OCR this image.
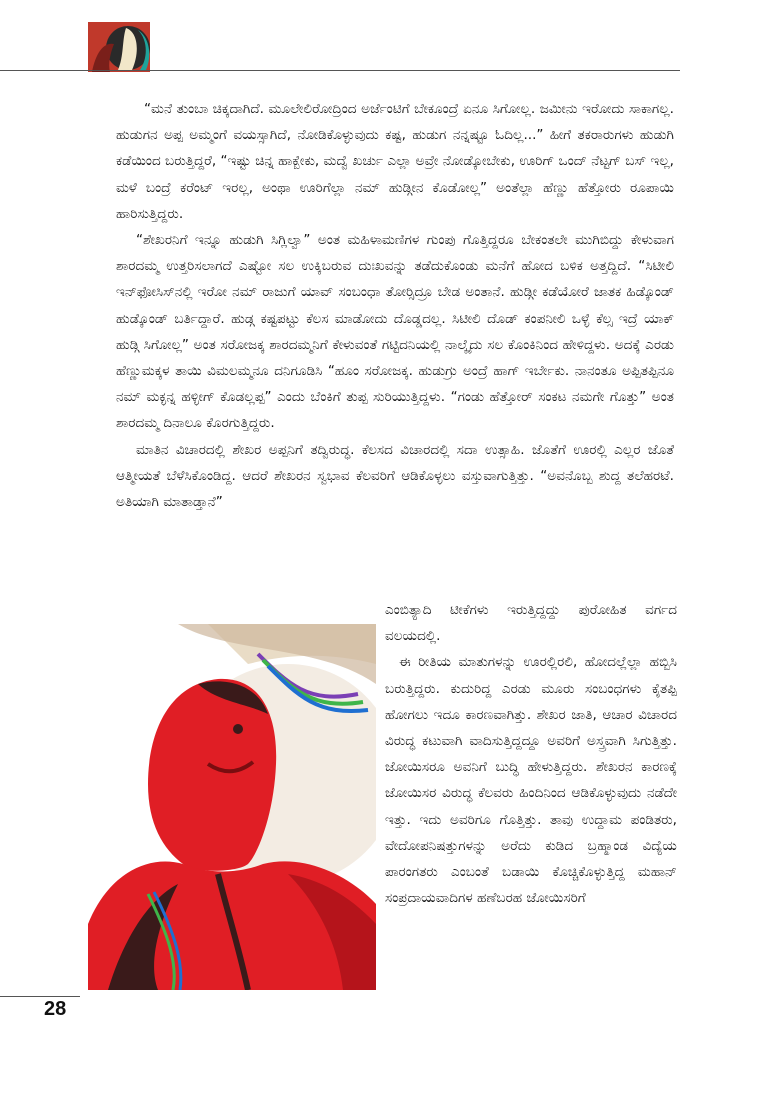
“ಮನೆ ತುಂಬಾ ಚಿಕ್ಕದಾಗಿದೆ. ಮೂಲೇಲಿರೋದ್ರಿಂದ ಅರ್ಜೆಂಟಿಗೆ ಬೇಕೂಂದ್ರೆ ಏನೂ ಸಿಗೋಲ್ಲ. ಜಮೀನು ಇರೋದು ಸಾಕಾಗಲ್ಲ. ಹುಡುಗನ ಅಪ್ಪ ಅಮ್ಮಂಗೆ ವಯಸ್ಸಾಗಿದೆ, ನೋಡಿಕೊಳ್ಳುವುದು ಕಷ್ಟ, ಹುಡುಗ ನನ್ನಷ್ಟೂ ಓದಿಲ್ಲ...” ಹೀಗೆ ತಕರಾರುಗಳು ಹುಡುಗಿ ಕಡೆಯಿಂದ ಬರುತ್ತಿದ್ದರೆ, “ಇಷ್ಟು ಚಿನ್ನ ಹಾಕ್ಬೇಕು, ಮದ್ವೆ ಖರ್ಚು ಎಲ್ಲಾ ಅವ್ರೇ ನೋಡ್ಕೋಬೇಕು, ಊರಿಗ್ ಒಂದ್ ನೆಟ್ಟಗ್ ಬಸ್ ಇಲ್ಲ, ಮಳೆ ಬಂದ್ರೆ ಕರೆಂಟ್ ಇರಲ್ಲ, ಅಂಥಾ ಊರಿಗೆಲ್ಲಾ ನಮ್ ಹುಡ್ಗೀನ ಕೊಡೋಲ್ಲ” ಅಂತೆಲ್ಲಾ ಹೆಣ್ಣು ಹೆತ್ತೋರು ರೂಪಾಯಿ ಹಾರಿಸುತ್ತಿದ್ದರು.

“ಶೇಖರನಿಗೆ ಇನ್ನೂ ಹುಡುಗಿ ಸಿಗ್ಲಿಲ್ವಾ” ಅಂತ ಮಹಿಳಾಮಣಿಗಳ ಗುಂಪು ಗೊತ್ತಿದ್ದರೂ ಬೇಕಂತಲೇ ಮುಗಿಬಿದ್ದು ಕೇಳುವಾಗ ಶಾರದಮ್ಮ ಉತ್ತರಿಸಲಾಗದೆ ಎಷ್ಟೋ ಸಲ ಉಕ್ಕಿಬರುವ ದುಃಖವನ್ನು ತಡೆದುಕೊಂಡು ಮನೆಗೆ ಹೋದ ಬಳಿಕ ಅತ್ತದ್ದಿದೆ. “ಸಿಟೀಲಿ ಇನ್‌ಫೋಸಿಸ್‌ನಲ್ಲಿ ಇರೋ ನಮ್ ರಾಜುಗೆ ಯಾವ್ ಸಂಬಂಧಾ ತೋರ್‍ಸಿದ್ರೂ ಬೇಡ ಅಂತಾನೆ. ಹುಡ್ಗೀ ಕಡೆಯೋರೆ ಜಾತಕ ಹಿಡ್ಕೊಂಡ್ ಹುಡ್ಕೊಂಡ್ ಬರ್ತಿದ್ದಾರೆ. ಹುಡ್ಗ ಕಷ್ಟಪಟ್ಟು ಕೆಲಸ ಮಾಡೋದು ದೊಡ್ಡದಲ್ಲ. ಸಿಟೀಲಿ ದೊಡ್ ಕಂಪನೀಲಿ ಒಳ್ಳೆ ಕೆಲ್ಸ ಇದ್ರೆ ಯಾಕ್ ಹುಡ್ಗಿ ಸಿಗೋಲ್ಲ” ಅಂತ ಸರೋಜಕ್ಕ ಶಾರದಮ್ಮನಿಗೆ ಕೇಳುವಂತೆ ಗಟ್ಟಿದನಿಯಲ್ಲಿ ನಾಲ್ಕೈದು ಸಲ ಕೊಂಕಿನಿಂದ ಹೇಳಿದ್ದಳು. ಅದಕ್ಕೆ ಎರಡು ಹೆಣ್ಣುಮಕ್ಕಳ ತಾಯಿ ವಿಮಲಮ್ಮನೂ ದನಿಗೂಡಿಸಿ “ಹೂಂ ಸರೋಜಕ್ಕ. ಹುಡುಗ್ರು ಅಂದ್ರೆ ಹಾಗ್ ಇರ್ಬೇಕು. ನಾನಂತೂ ಅಪ್ಪಿತಪ್ಪಿನೂ ನಮ್ ಮಕ್ಳನ್ನ ಹಳ್ಳೀಗ್ ಕೊಡಲ್ಲಪ್ಪ” ಎಂದು ಬೆಂಕಿಗೆ ತುಪ್ಪ ಸುರಿಯುತ್ತಿದ್ದಳು. “ಗಂಡು ಹೆತ್ತೋರ್ ಸಂಕಟ ನಮಗೇ ಗೊತ್ತು” ಅಂತ ಶಾರದಮ್ಮ ದಿನಾಲೂ ಕೊರಗುತ್ತಿದ್ದರು.

ಮಾತಿನ ವಿಚಾರದಲ್ಲಿ ಶೇಖರ ಅಪ್ಪನಿಗೆ ತದ್ವಿರುದ್ಧ. ಕೆಲಸದ ವಿಚಾರದಲ್ಲಿ ಸದಾ ಉತ್ಸಾಹಿ. ಜೊತೆಗೆ ಊರಲ್ಲಿ ಎಲ್ಲರ ಜೊತೆ ಆತ್ಮೀಯತೆ ಬೆಳೆಸಿಕೊಂಡಿದ್ದ. ಆದರೆ ಶೇಖರನ ಸ್ವಭಾವ ಕೆಲವರಿಗೆ ಆಡಿಕೊಳ್ಳಲು ವಸ್ತುವಾಗುತ್ತಿತ್ತು. “ಅವನೊಬ್ಬ ಶುದ್ದ ತಲೆಹರಟೆ. ಅತಿಯಾಗಿ ಮಾತಾಡ್ತಾನೆ”

ಎಂಬಿತ್ಯಾದಿ ಟೀಕೆಗಳು ಇರುತ್ತಿದ್ದದ್ದು ಪುರೋಹಿತ ವರ್ಗದ ವಲಯದಲ್ಲಿ.

ಈ ರೀತಿಯ ಮಾತುಗಳನ್ನು ಊರಲ್ಲಿರಲಿ, ಹೋದಲ್ಲೆಲ್ಲಾ ಹಬ್ಬಿಸಿ ಬರುತ್ತಿದ್ದರು. ಕುದುರಿದ್ದ ಎರಡು ಮೂರು ಸಂಬಂಧಗಳು ಕೈತಪ್ಪಿ ಹೋಗಲು ಇದೂ ಕಾರಣವಾಗಿತ್ತು. ಶೇಖರ ಜಾತಿ, ಆಚಾರ ವಿಚಾರದ ವಿರುದ್ಧ ಕಟುವಾಗಿ ವಾದಿಸುತ್ತಿದ್ದದ್ದೂ ಅವರಿಗೆ ಅಸ್ತ್ರವಾಗಿ ಸಿಗುತ್ತಿತ್ತು. ಜೋಯಿಸರೂ ಅವನಿಗೆ ಬುದ್ಧಿ ಹೇಳುತ್ತಿದ್ದರು. ಶೇಖರನ ಕಾರಣಕ್ಕೆ ಜೋಯಿಸರ ವಿರುದ್ಧ ಕೆಲವರು ಹಿಂದಿನಿಂದ ಆಡಿಕೊಳ್ಳುವುದು ನಡೆದೇ ಇತ್ತು. ಇದು ಅವರಿಗೂ ಗೊತ್ತಿತ್ತು. ತಾವು ಉದ್ದಾಮ ಪಂಡಿತರು, ವೇದೋಪನಿಷತ್ತುಗಳನ್ನು ಅರೆದು ಕುಡಿದ ಬ್ರಹ್ಮಾಂಡ ವಿದ್ಯೆಯ ಪಾರಂಗತರು ಎಂಬಂತೆ ಬಡಾಯಿ ಕೊಚ್ಚಿಕೊಳ್ಳುತ್ತಿದ್ದ ಮಹಾನ್ ಸಂಪ್ರದಾಯವಾದಿಗಳ ಹಣೆಬರಹ ಜೋಯಿಸರಿಗೆ

28
